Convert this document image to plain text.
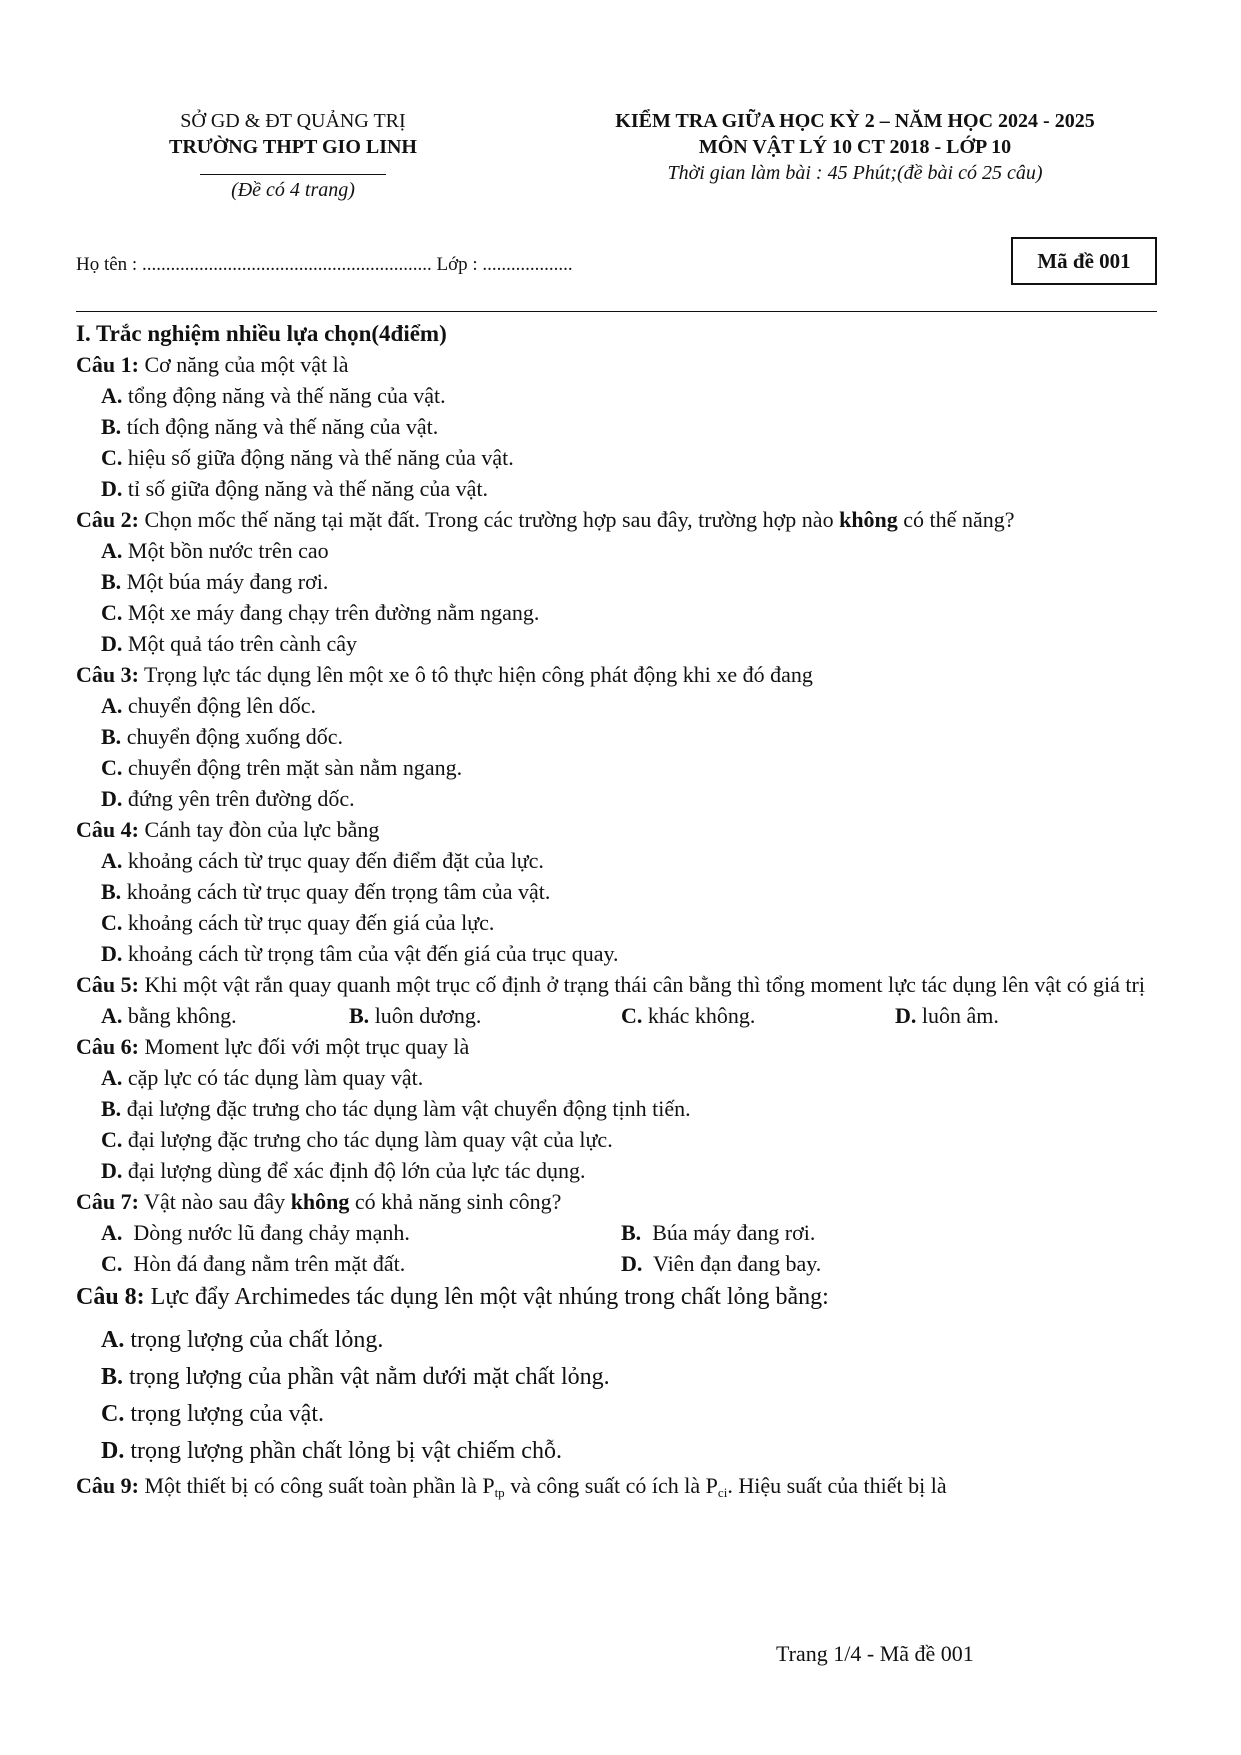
SỞ GD & ĐT QUẢNG TRỊ
TRƯỜNG THPT GIO LINH
(Đề có 4 trang)
KIỂM TRA GIỮA HỌC KỲ 2 – NĂM HỌC 2024 - 2025
MÔN VẬT LÝ 10 CT 2018 - LỚP 10
Thời gian làm bài : 45 Phút;(đề bài có 25 câu)
Họ tên : ............................................................. Lớp : ...................	Mã đề 001
I. Trắc nghiệm nhiều lựa chọn(4điểm)

Câu 1: Cơ năng của một vật là

A. tổng động năng và thế năng của vật.

B. tích động năng và thế năng của vật.

C. hiệu số giữa động năng và thế năng của vật.

D. tỉ số giữa động năng và thế năng của vật.

Câu 2: Chọn mốc thế năng tại mặt đất. Trong các trường hợp sau đây, trường hợp nào không có thế năng?

A. Một bồn nước trên cao

B. Một búa máy đang rơi.

C. Một xe máy đang chạy trên đường nằm ngang.

D. Một quả táo trên cành cây

Câu 3: Trọng lực tác dụng lên một xe ô tô thực hiện công phát động khi xe đó đang

A. chuyển động lên dốc.

B. chuyển động xuống dốc.

C. chuyển động trên mặt sàn nằm ngang.

D. đứng yên trên đường dốc.

Câu 4: Cánh tay đòn của lực bằng

A. khoảng cách từ trục quay đến điểm đặt của lực.

B. khoảng cách từ trục quay đến trọng tâm của vật.

C. khoảng cách từ trục quay đến giá của lực.

D. khoảng cách từ trọng tâm của vật đến giá của trục quay.

Câu 5: Khi một vật rắn quay quanh một trục cố định ở trạng thái cân bằng thì tổng moment lực tác dụng lên vật có giá trị

A. bằng không.	B. luôn dương.	C. khác không.	D. luôn âm.

Câu 6: Moment lực đối với một trục quay là

A. cặp lực có tác dụng làm quay vật.

B. đại lượng đặc trưng cho tác dụng làm vật chuyển động tịnh tiến.

C. đại lượng đặc trưng cho tác dụng làm quay vật của lực.

D. đại lượng dùng để xác định độ lớn của lực tác dụng.

Câu 7: Vật nào sau đây không có khả năng sinh công?

A. Dòng nước lũ đang chảy mạnh.	B. Búa máy đang rơi.
C. Hòn đá đang nằm trên mặt đất.	D. Viên đạn đang bay.

Câu 8: Lực đẩy Archimedes tác dụng lên một vật nhúng trong chất lỏng bằng:

A. trọng lượng của chất lỏng.

B. trọng lượng của phần vật nằm dưới mặt chất lỏng.

C. trọng lượng của vật.

D. trọng lượng phần chất lỏng bị vật chiếm chỗ.

Câu 9: Một thiết bị có công suất toàn phần là $P_{tp}$ và công suất có ích là $P_{ci}$. Hiệu suất của thiết bị là

Trang 1/4 - Mã đề 001
